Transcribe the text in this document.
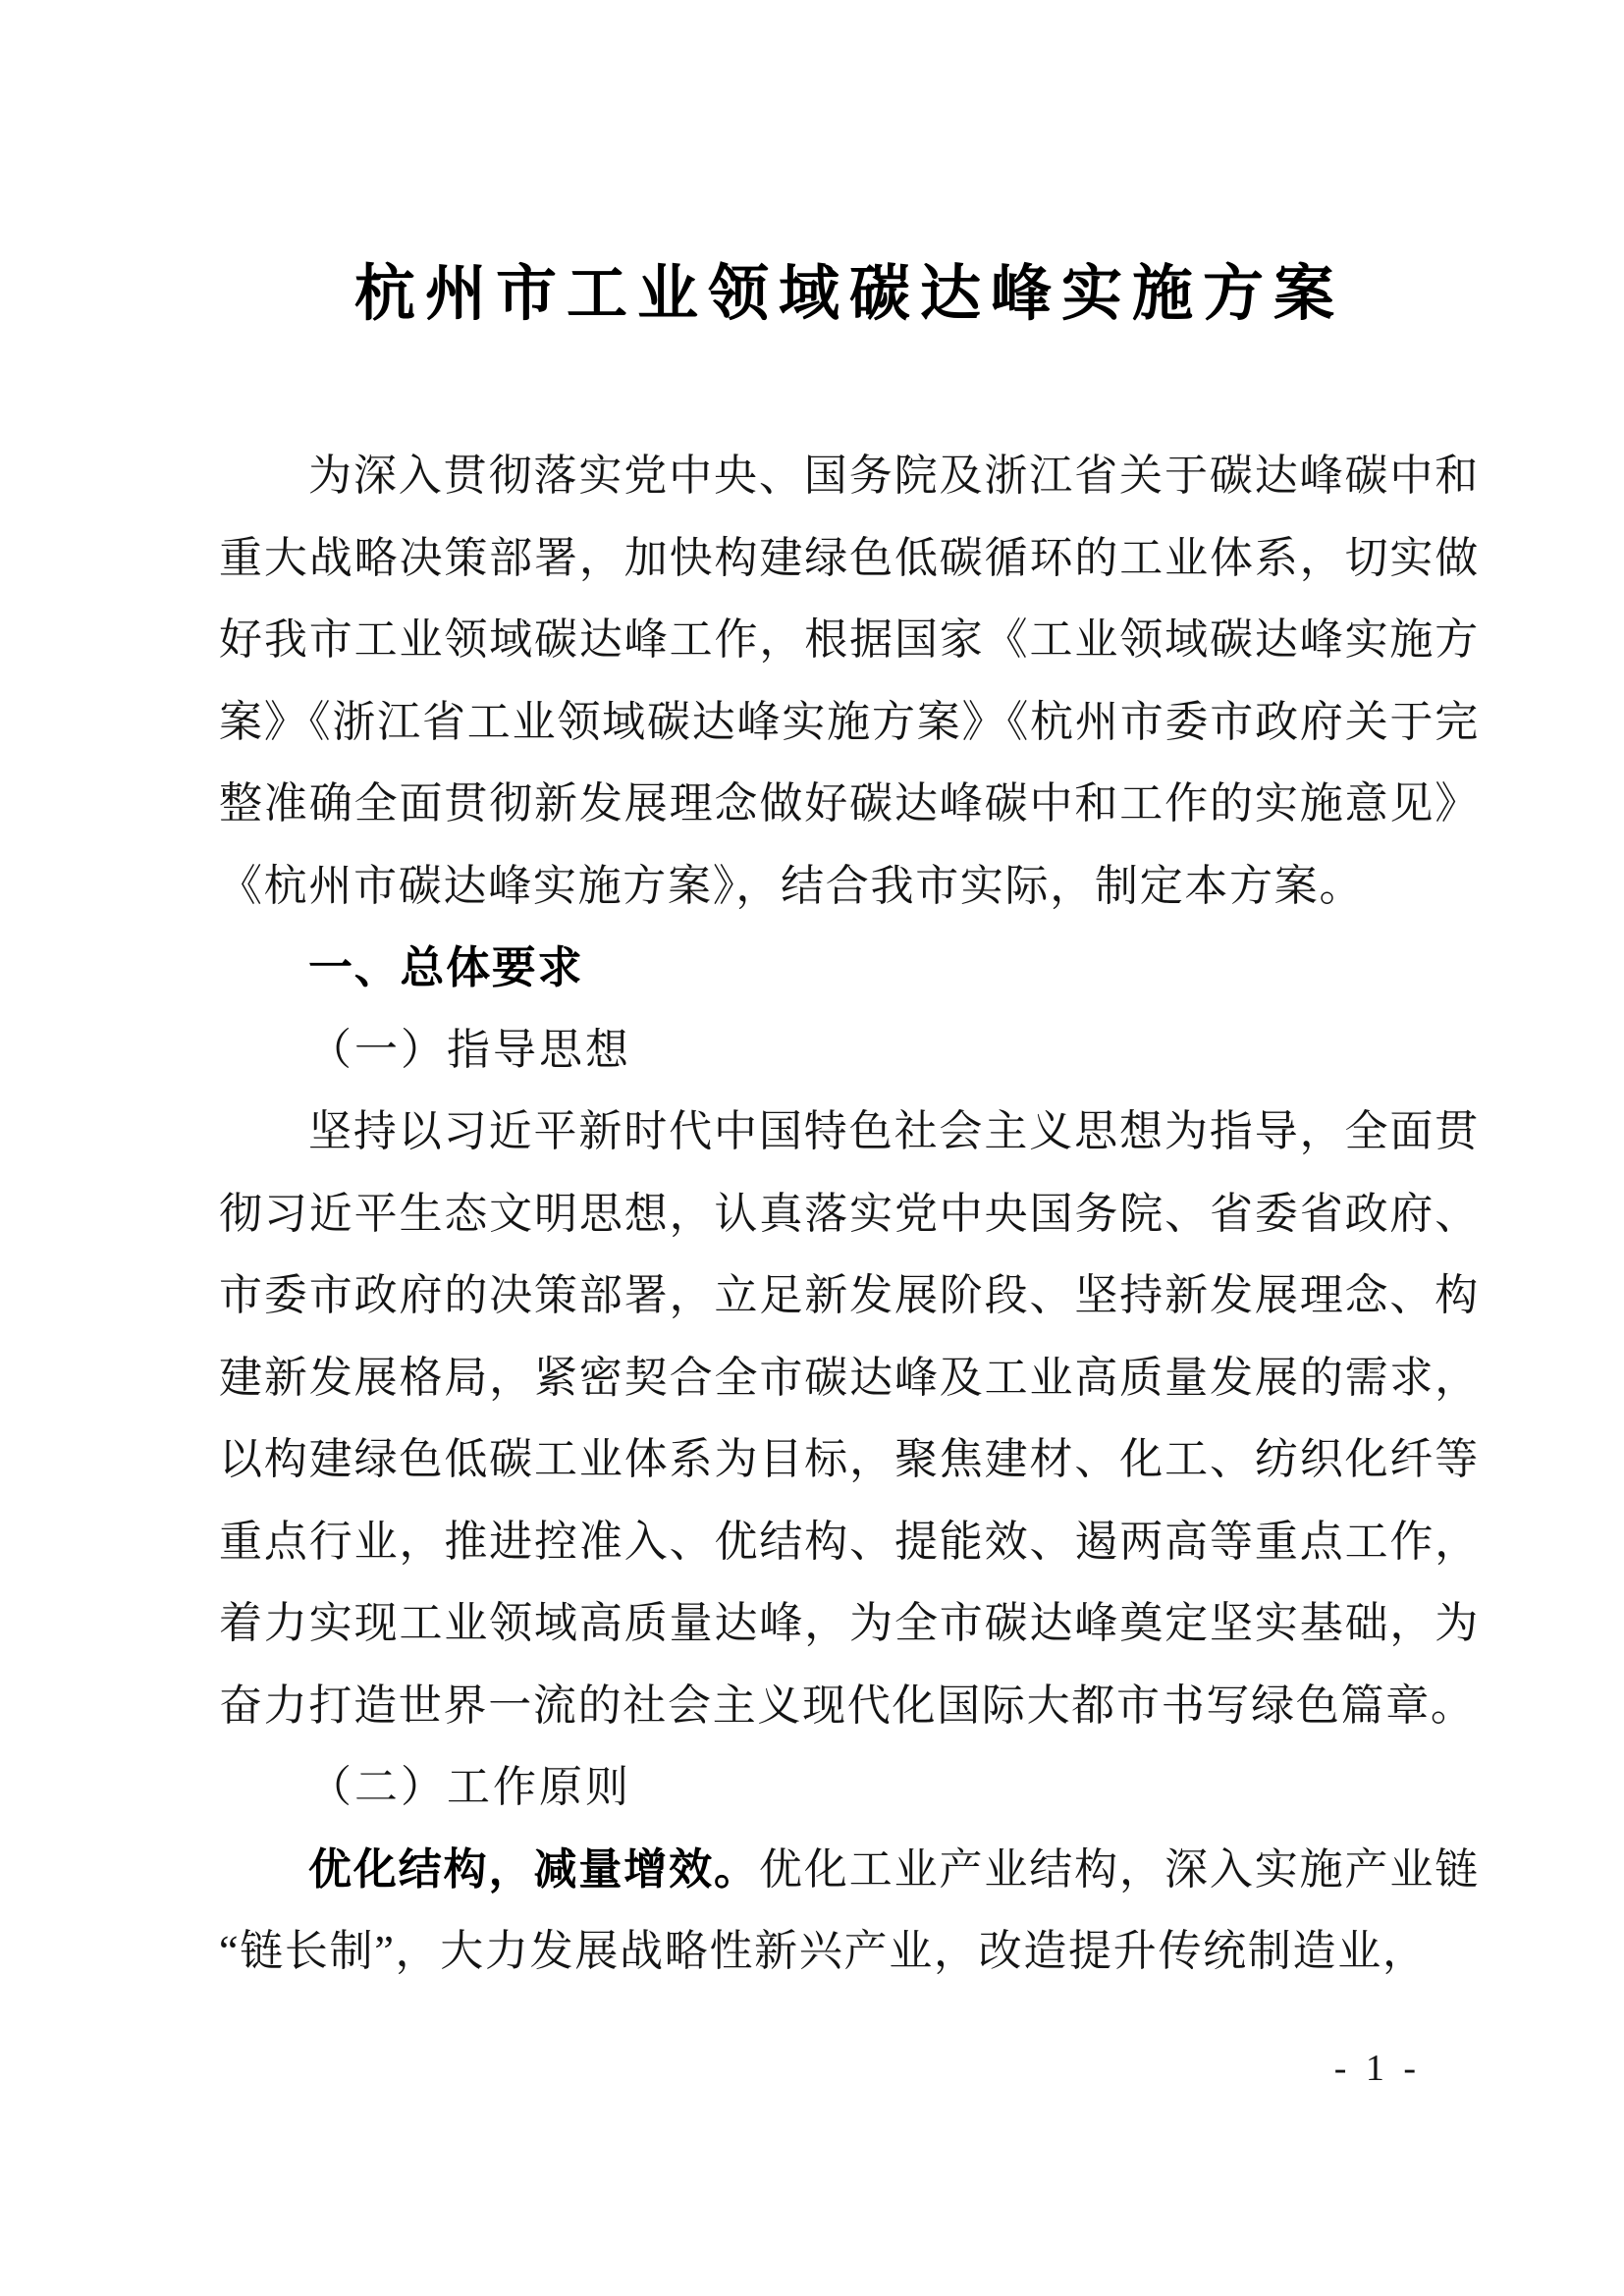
杭州市工业领域碳达峰实施方案

为深入贯彻落实党中央、国务院及浙江省关于碳达峰碳中和重大战略决策部署，加快构建绿色低碳循环的工业体系，切实做好我市工业领域碳达峰工作，根据国家《工业领域碳达峰实施方案》《浙江省工业领域碳达峰实施方案》《杭州市委市政府关于完整准确全面贯彻新发展理念做好碳达峰碳中和工作的实施意见》《杭州市碳达峰实施方案》，结合我市实际，制定本方案。

一、总体要求

（一）指导思想

坚持以习近平新时代中国特色社会主义思想为指导，全面贯彻习近平生态文明思想，认真落实党中央国务院、省委省政府、市委市政府的决策部署，立足新发展阶段、坚持新发展理念、构建新发展格局，紧密契合全市碳达峰及工业高质量发展的需求，以构建绿色低碳工业体系为目标，聚焦建材、化工、纺织化纤等重点行业，推进控准入、优结构、提能效、遏两高等重点工作，着力实现工业领域高质量达峰，为全市碳达峰奠定坚实基础，为奋力打造世界一流的社会主义现代化国际大都市书写绿色篇章。

（二）工作原则

优化结构，减量增效。优化工业产业结构，深入实施产业链“链长制”，大力发展战略性新兴产业，改造提升传统制造业，

- 1 -
